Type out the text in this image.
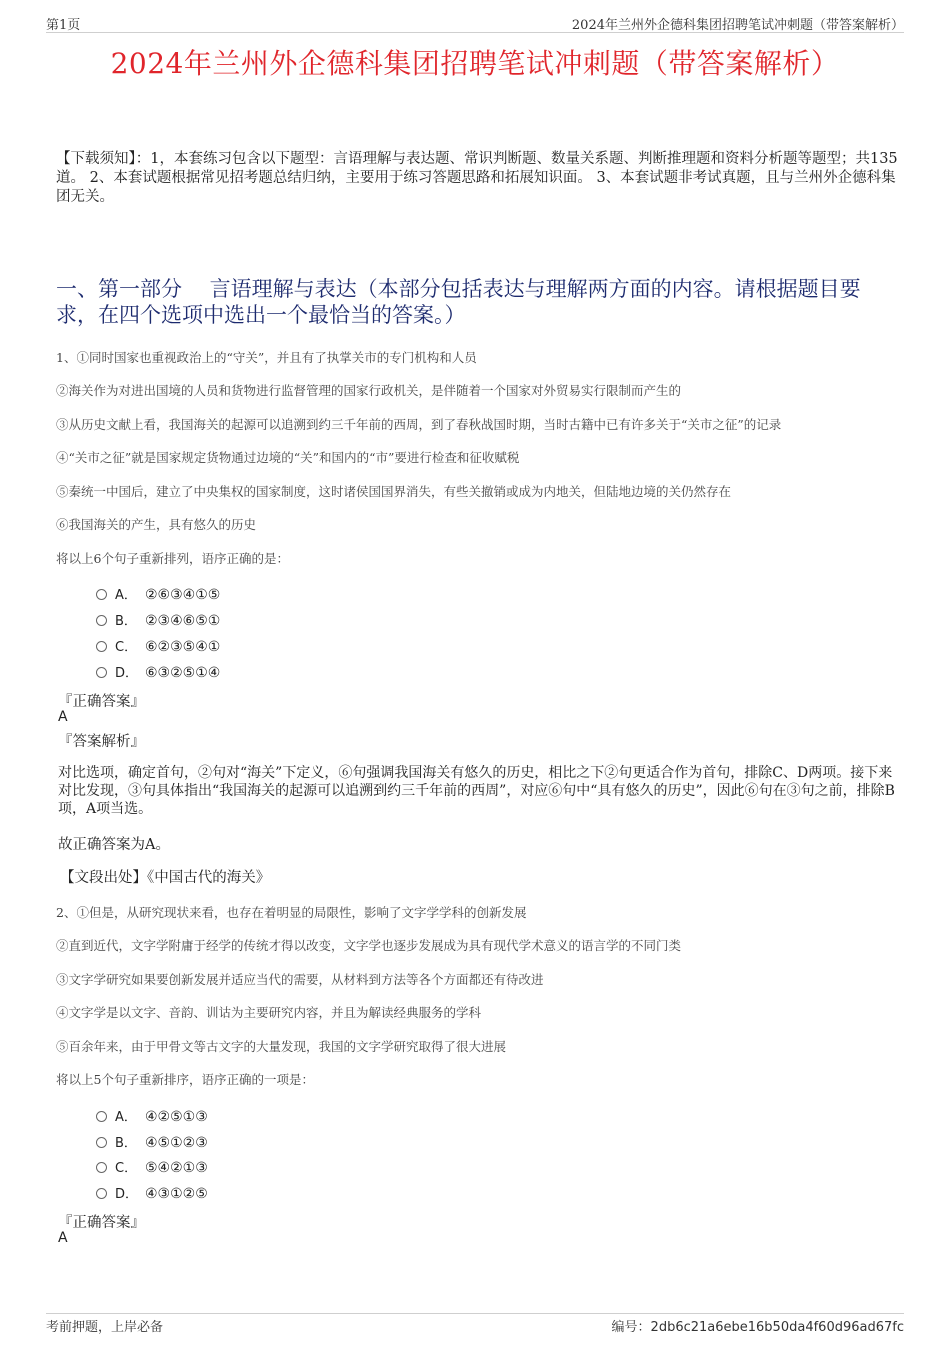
第1页	2024年兰州外企德科集团招聘笔试冲刺题（带答案解析）
2024年兰州外企德科集团招聘笔试冲刺题（带答案解析）

【下载须知】：1，本套练习包含以下题型：言语理解与表达题、常识判断题、数量关系题、判断推理题和资料分析题等题型；共135道。 2、本套试题根据常见招考题总结归纳，主要用于练习答题思路和拓展知识面。 3、本套试题非考试真题，且与兰州外企德科集团无关。

一、第一部分　 言语理解与表达（本部分包括表达与理解两方面的内容。请根据题目要求，在四个选项中选出一个最恰当的答案。）
1、①同时国家也重视政治上的“守关”，并且有了执掌关市的专门机构和人员
②海关作为对进出国境的人员和货物进行监督管理的国家行政机关，是伴随着一个国家对外贸易实行限制而产生的
③从历史文献上看，我国海关的起源可以追溯到约三千年前的西周，到了春秋战国时期，当时古籍中已有许多关于“关市之征”的记录
④“关市之征”就是国家规定货物通过边境的“关”和国内的“市”要进行检查和征收赋税
⑤秦统一中国后，建立了中央集权的国家制度，这时诸侯国国界消失，有些关撤销或成为内地关，但陆地边境的关仍然存在
⑥我国海关的产生，具有悠久的历史
将以上6个句子重新排列，语序正确的是：
A． ②⑥③④①⑤
B． ②③④⑥⑤①
C． ⑥②③⑤④①
D． ⑥③②⑤①④
『正确答案』
A
『答案解析』

对比选项，确定首句，②句对“海关”下定义，⑥句强调我国海关有悠久的历史，相比之下②句更适合作为首句，排除C、D两项。接下来对比发现，③句具体指出“我国海关的起源可以追溯到约三千年前的西周”，对应⑥句中“具有悠久的历史”，因此⑥句在③句之前，排除B项，A项当选。

故正确答案为A。
【文段出处】《中国古代的海关》
2、①但是，从研究现状来看，也存在着明显的局限性，影响了文字学学科的创新发展
②直到近代，文字学附庸于经学的传统才得以改变，文字学也逐步发展成为具有现代学术意义的语言学的不同门类
③文字学研究如果要创新发展并适应当代的需要，从材料到方法等各个方面都还有待改进
④文字学是以文字、音韵、训诂为主要研究内容，并且为解读经典服务的学科
⑤百余年来，由于甲骨文等古文字的大量发现，我国的文字学研究取得了很大进展
将以上5个句子重新排序，语序正确的一项是：
A． ④②⑤①③
B． ④⑤①②③
C． ⑤④②①③
D． ④③①②⑤
『正确答案』
A
考前押题，上岸必备	编号：2db6c21a6ebe16b50da4f60d96ad67fc
